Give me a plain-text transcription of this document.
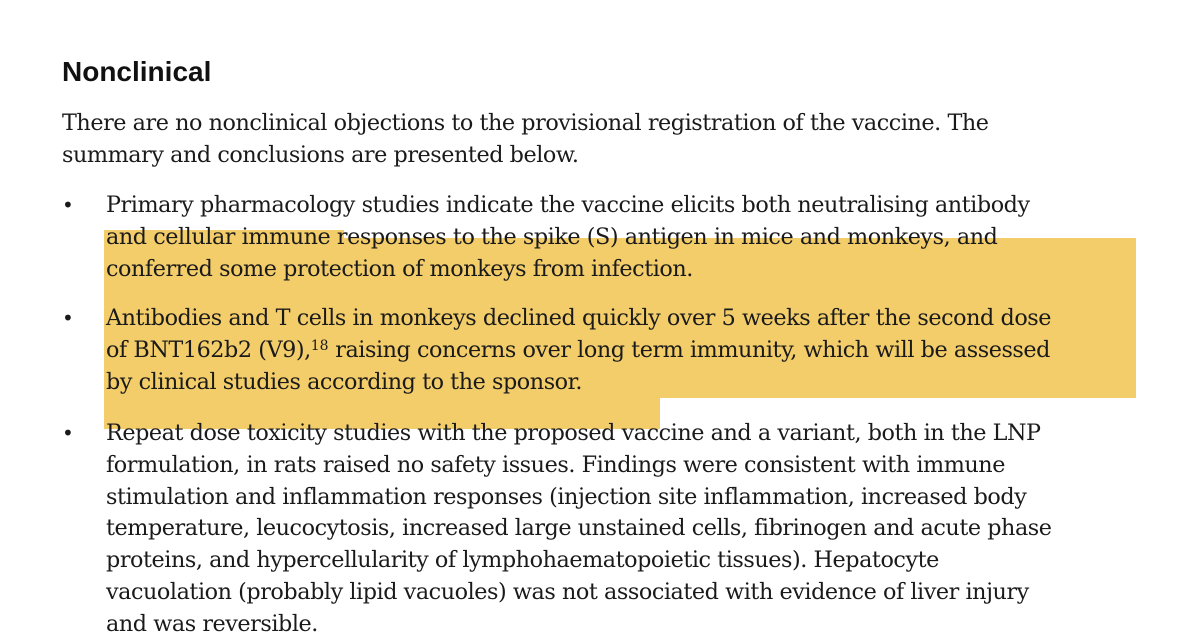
Nonclinical

There are no nonclinical objections to the provisional registration of the vaccine. The
summary and conclusions are presented below.

• Primary pharmacology studies indicate the vaccine elicits both neutralising antibody
and cellular immune responses to the spike (S) antigen in mice and monkeys, and
conferred some protection of monkeys from infection.

• Antibodies and T cells in monkeys declined quickly over 5 weeks after the second dose
of BNT162b2 (V9),$^{18}$ raising concerns over long term immunity, which will be assessed
by clinical studies according to the sponsor.

• Repeat dose toxicity studies with the proposed vaccine and a variant, both in the LNP
formulation, in rats raised no safety issues. Findings were consistent with immune
stimulation and inflammation responses (injection site inflammation, increased body
temperature, leucocytosis, increased large unstained cells, fibrinogen and acute phase
proteins, and hypercellularity of lymphohaematopoietic tissues). Hepatocyte
vacuolation (probably lipid vacuoles) was not associated with evidence of liver injury
and was reversible.
